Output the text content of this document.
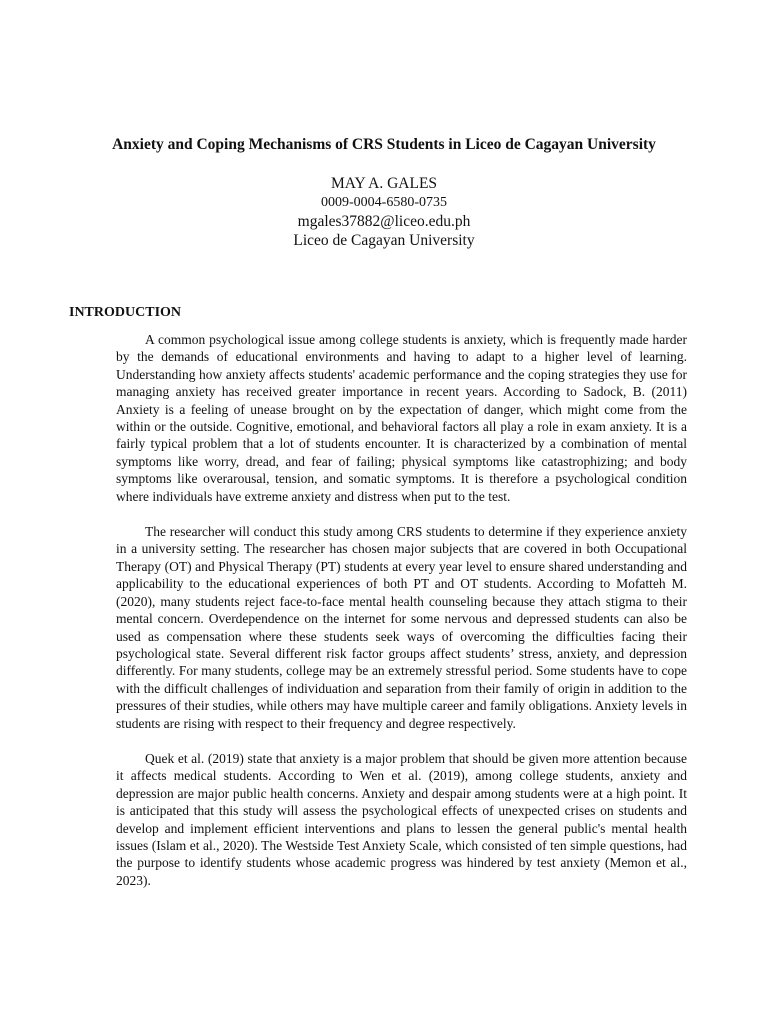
Anxiety and Coping Mechanisms of CRS Students in Liceo de Cagayan University
MAY A. GALES
0009-0004-6580-0735
mgales37882@liceo.edu.ph
Liceo de Cagayan University
INTRODUCTION

A common psychological issue among college students is anxiety, which is frequently made harder by the demands of educational environments and having to adapt to a higher level of learning. Understanding how anxiety affects students' academic performance and the coping strategies they use for managing anxiety has received greater importance in recent years. According to Sadock, B. (2011) Anxiety is a feeling of unease brought on by the expectation of danger, which might come from the within or the outside. Cognitive, emotional, and behavioral factors all play a role in exam anxiety. It is a fairly typical problem that a lot of students encounter. It is characterized by a combination of mental symptoms like worry, dread, and fear of failing; physical symptoms like catastrophizing; and body symptoms like overarousal, tension, and somatic symptoms. It is therefore a psychological condition where individuals have extreme anxiety and distress when put to the test.

The researcher will conduct this study among CRS students to determine if they experience anxiety in a university setting. The researcher has chosen major subjects that are covered in both Occupational Therapy (OT) and Physical Therapy (PT) students at every year level to ensure shared understanding and applicability to the educational experiences of both PT and OT students. According to Mofatteh M. (2020), many students reject face-to-face mental health counseling because they attach stigma to their mental concern. Overdependence on the internet for some nervous and depressed students can also be used as compensation where these students seek ways of overcoming the difficulties facing their psychological state. Several different risk factor groups affect students’ stress, anxiety, and depression differently. For many students, college may be an extremely stressful period. Some students have to cope with the difficult challenges of individuation and separation from their family of origin in addition to the pressures of their studies, while others may have multiple career and family obligations. Anxiety levels in students are rising with respect to their frequency and degree respectively.

Quek et al. (2019) state that anxiety is a major problem that should be given more attention because it affects medical students. According to Wen et al. (2019), among college students, anxiety and depression are major public health concerns. Anxiety and despair among students were at a high point. It is anticipated that this study will assess the psychological effects of unexpected crises on students and develop and implement efficient interventions and plans to lessen the general public's mental health issues (Islam et al., 2020). The Westside Test Anxiety Scale, which consisted of ten simple questions, had the purpose to identify students whose academic progress was hindered by test anxiety (Memon et al., 2023).
